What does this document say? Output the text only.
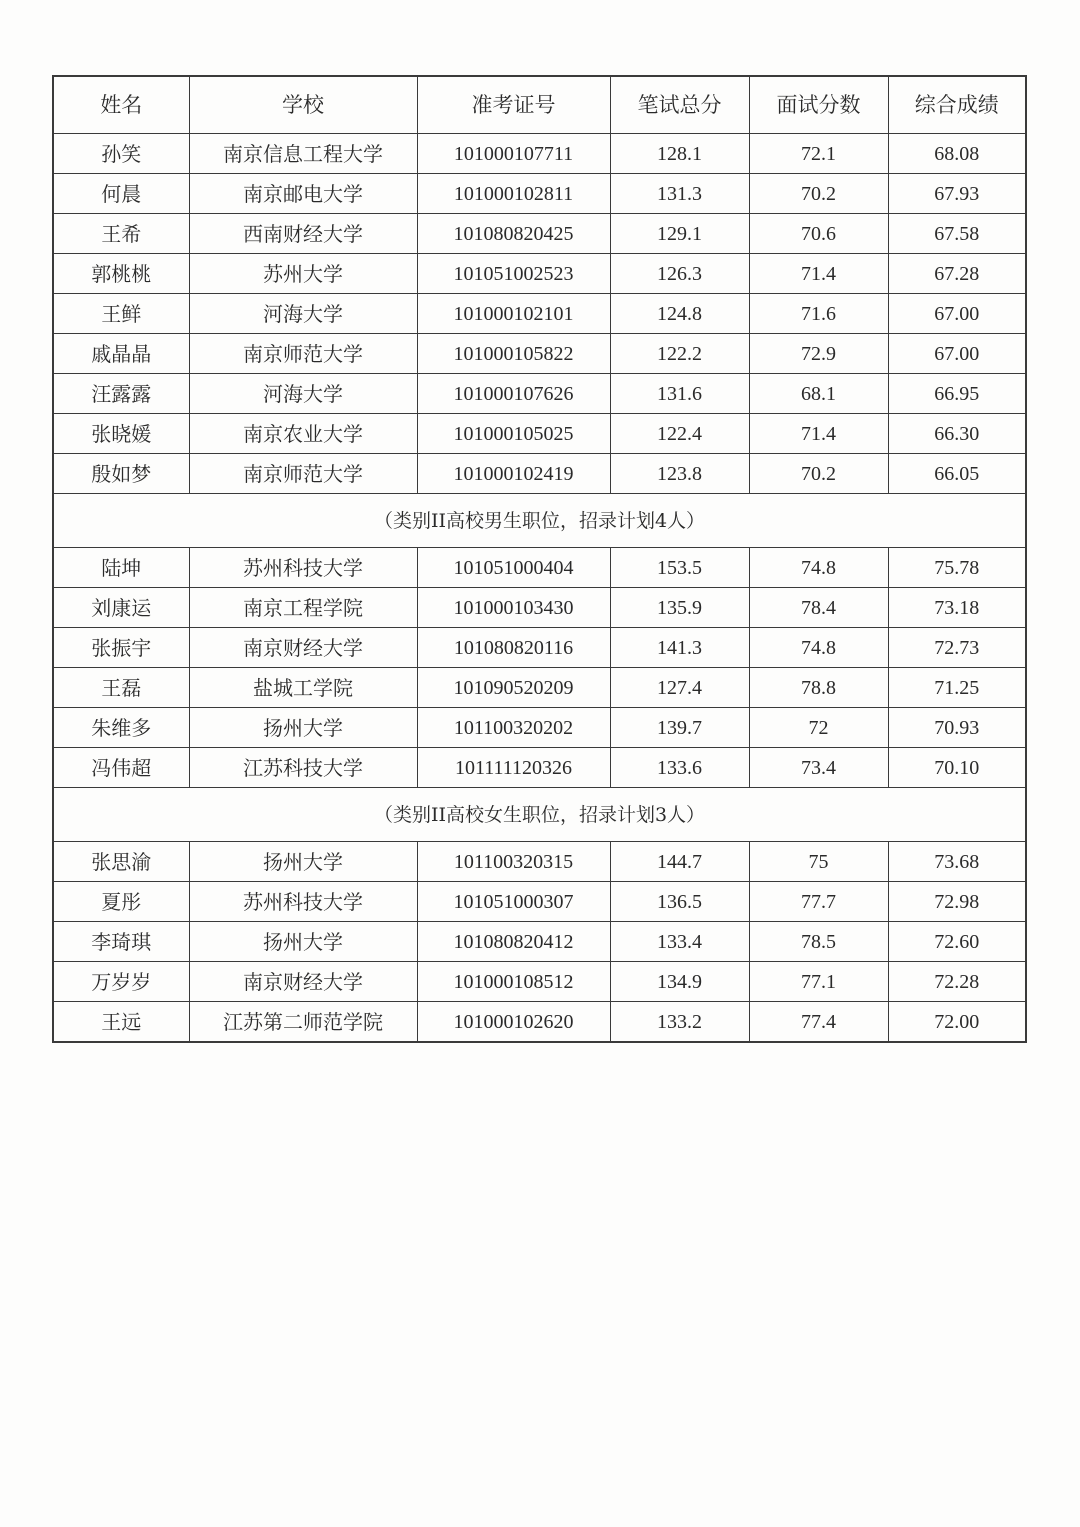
姓名	学校	准考证号	笔试总分	面试分数	综合成绩
孙笑	南京信息工程大学	101000107711	128.1	72.1	68.08
何晨	南京邮电大学	101000102811	131.3	70.2	67.93
王希	西南财经大学	101080820425	129.1	70.6	67.58
郭桃桃	苏州大学	101051002523	126.3	71.4	67.28
王鲜	河海大学	101000102101	124.8	71.6	67.00
戚晶晶	南京师范大学	101000105822	122.2	72.9	67.00
汪露露	河海大学	101000107626	131.6	68.1	66.95
张晓媛	南京农业大学	101000105025	122.4	71.4	66.30
殷如梦	南京师范大学	101000102419	123.8	70.2	66.05
（类别II高校男生职位，招录计划4人）					
陆坤	苏州科技大学	101051000404	153.5	74.8	75.78
刘康运	南京工程学院	101000103430	135.9	78.4	73.18
张振宇	南京财经大学	101080820116	141.3	74.8	72.73
王磊	盐城工学院	101090520209	127.4	78.8	71.25
朱维多	扬州大学	101100320202	139.7	72	70.93
冯伟超	江苏科技大学	101111120326	133.6	73.4	70.10
（类别II高校女生职位，招录计划3人）					
张思渝	扬州大学	101100320315	144.7	75	73.68
夏彤	苏州科技大学	101051000307	136.5	77.7	72.98
李琦琪	扬州大学	101080820412	133.4	78.5	72.60
万岁岁	南京财经大学	101000108512	134.9	77.1	72.28
王远	江苏第二师范学院	101000102620	133.2	77.4	72.00
